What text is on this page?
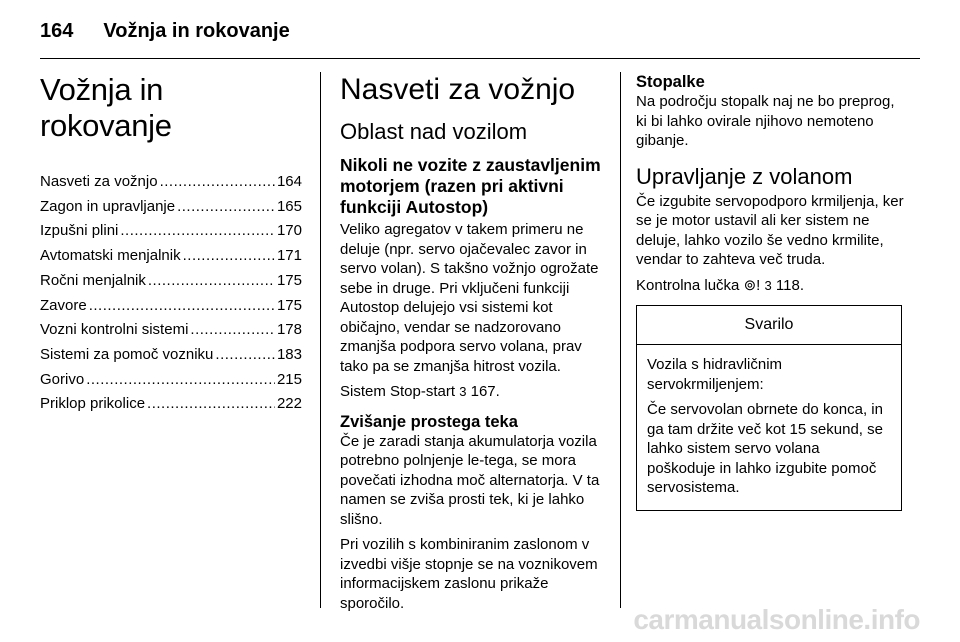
164 Vožnja in rokovanje
Vožnja in rokovanje
Nasveti za vožnjo .....	164
Zagon in upravljanje .....	165
Izpušni plini .....	170
Avtomatski menjalnik .....	171
Ročni menjalnik .....	175
Zavore .....	175
Vozni kontrolni sistemi .....	178
Sistemi za pomoč vozniku .....	183
Gorivo .....	215
Priklop prikolice .....	222
Nasveti za vožnjo
Oblast nad vozilom
Nikoli ne vozite z zaustavljenim motorjem (razen pri aktivni funkciji Autostop)

Veliko agregatov v takem primeru ne deluje (npr. servo ojačevalec zavor in servo volan). S takšno vožnjo ogrožate sebe in druge. Pri vključeni funkciji Autostop delujejo vsi sistemi kot običajno, vendar se nadzorovano zmanjša podpora servo volana, prav tako pa se zmanjša hitrost vozila.

Sistem Stop-start 3 167.

Zvišanje prostega teka

Če je zaradi stanja akumulatorja vozila potrebno polnjenje le-tega, se mora povečati izhodna moč alternatorja. V ta namen se zviša prosti tek, ki je lahko slišno.

Pri vozilih s kombiniranim zaslonom v izvedbi višje stopnje se na voznikovem informacijskem zaslonu prikaže sporočilo.

Stopalke

Na področju stopalk naj ne bo preprog, ki bi lahko ovirale njihovo nemoteno gibanje.

Upravljanje z volanom

Če izgubite servopodporo krmiljenja, ker se je motor ustavil ali ker sistem ne deluje, lahko vozilo še vedno krmilite, vendar to zahteva več truda.

Kontrolna lučka ⊚! 3 118.

Svarilo

Vozila s hidravličnim servokrmiljenjem:

Če servovolan obrnete do konca, in ga tam držite več kot 15 sekund, se lahko sistem servo volana poškoduje in lahko izgubite pomoč servosistema.

carmanualsonline.info
